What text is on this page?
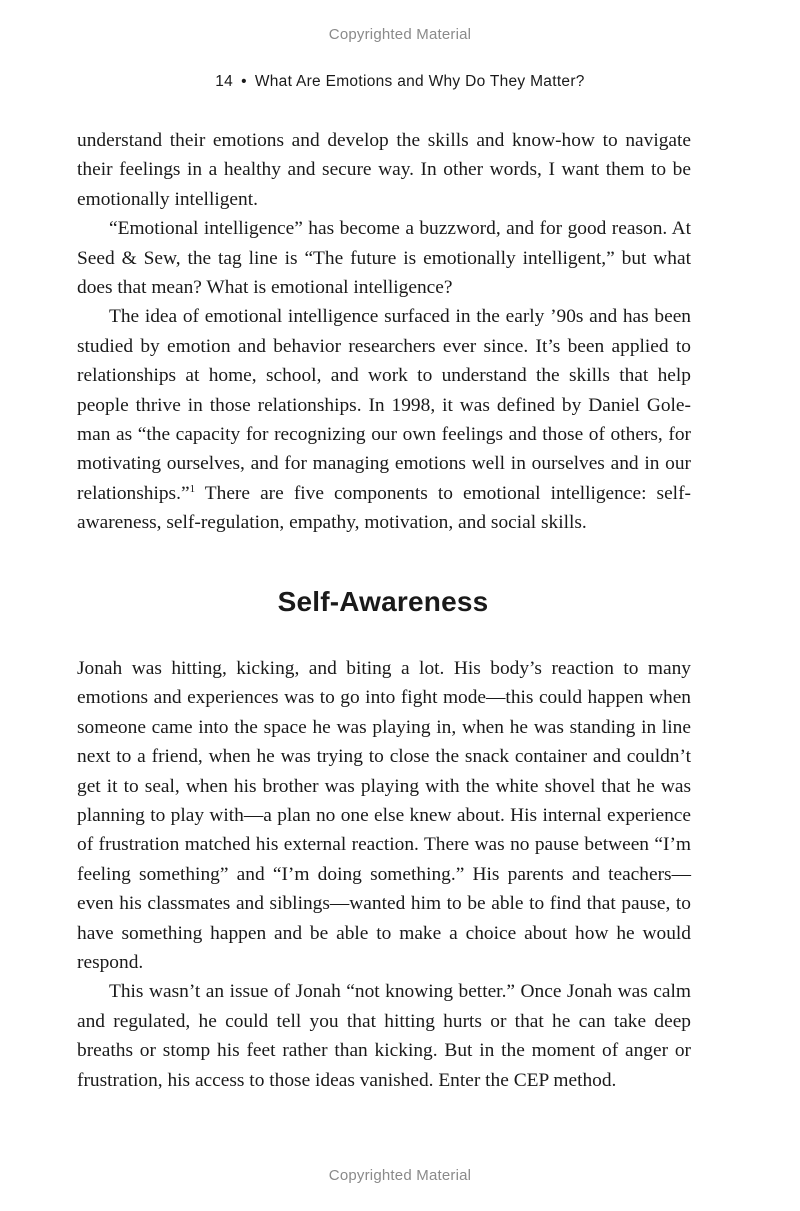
Copyrighted Material
14 • What Are Emotions and Why Do They Matter?

understand their emotions and develop the skills and know-how to navigate their feelings in a healthy and secure way. In other words, I want them to be emotionally intelligent.

“Emotional intelligence” has become a buzzword, and for good reason. At Seed & Sew, the tag line is “The future is emotionally intelligent,” but what does that mean? What is emotional intelligence?

The idea of emotional intelligence surfaced in the early ’90s and has been studied by emotion and behavior researchers ever since. It’s been applied to relationships at home, school, and work to understand the skills that help people thrive in those relationships. In 1998, it was defined by Daniel Goleman as “the capacity for recognizing our own feelings and those of others, for motivating ourselves, and for managing emotions well in ourselves and in our relationships.”$^1$ There are five components to emotional intelligence: self-awareness, self-regulation, empathy, motivation, and social skills.

Self-Awareness

Jonah was hitting, kicking, and biting a lot. His body’s reaction to many emotions and experiences was to go into fight mode—this could happen when someone came into the space he was playing in, when he was standing in line next to a friend, when he was trying to close the snack container and couldn’t get it to seal, when his brother was playing with the white shovel that he was planning to play with—a plan no one else knew about. His internal experience of frustration matched his external reaction. There was no pause between “I’m feeling something” and “I’m doing something.” His parents and teachers—even his classmates and siblings—wanted him to be able to find that pause, to have something happen and be able to make a choice about how he would respond.

This wasn’t an issue of Jonah “not knowing better.” Once Jonah was calm and regulated, he could tell you that hitting hurts or that he can take deep breaths or stomp his feet rather than kicking. But in the moment of anger or frustration, his access to those ideas vanished. Enter the CEP method.

Copyrighted Material
